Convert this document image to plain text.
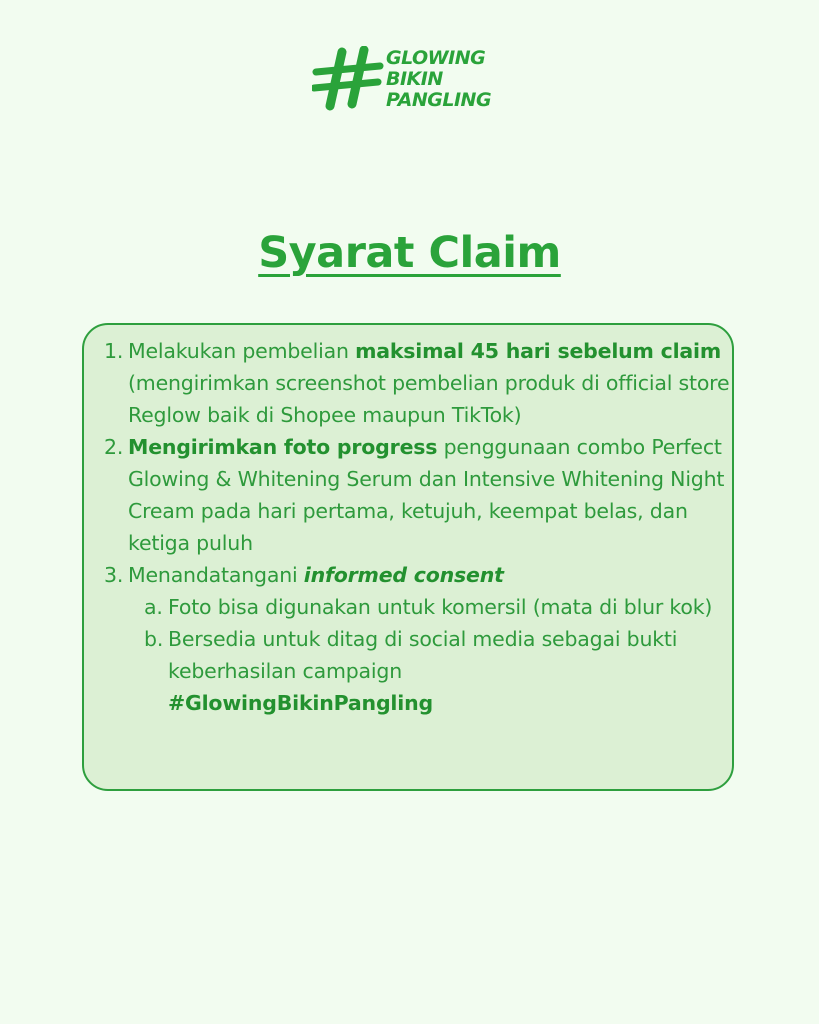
GLOWING
BIKIN
PANGLING
Syarat Claim
1. Melakukan pembelian maksimal 45 hari sebelum claim (mengirimkan screenshot pembelian produk di official store Reglow baik di Shopee maupun TikTok)
2. Mengirimkan foto progress penggunaan combo Perfect Glowing & Whitening Serum dan Intensive Whitening Night Cream pada hari pertama, ketujuh, keempat belas, dan ketiga puluh
3. Menandatangani informed consent
a. Foto bisa digunakan untuk komersil (mata di blur kok)
b. Bersedia untuk ditag di social media sebagai bukti keberhasilan campaign
#GlowingBikinPangling
